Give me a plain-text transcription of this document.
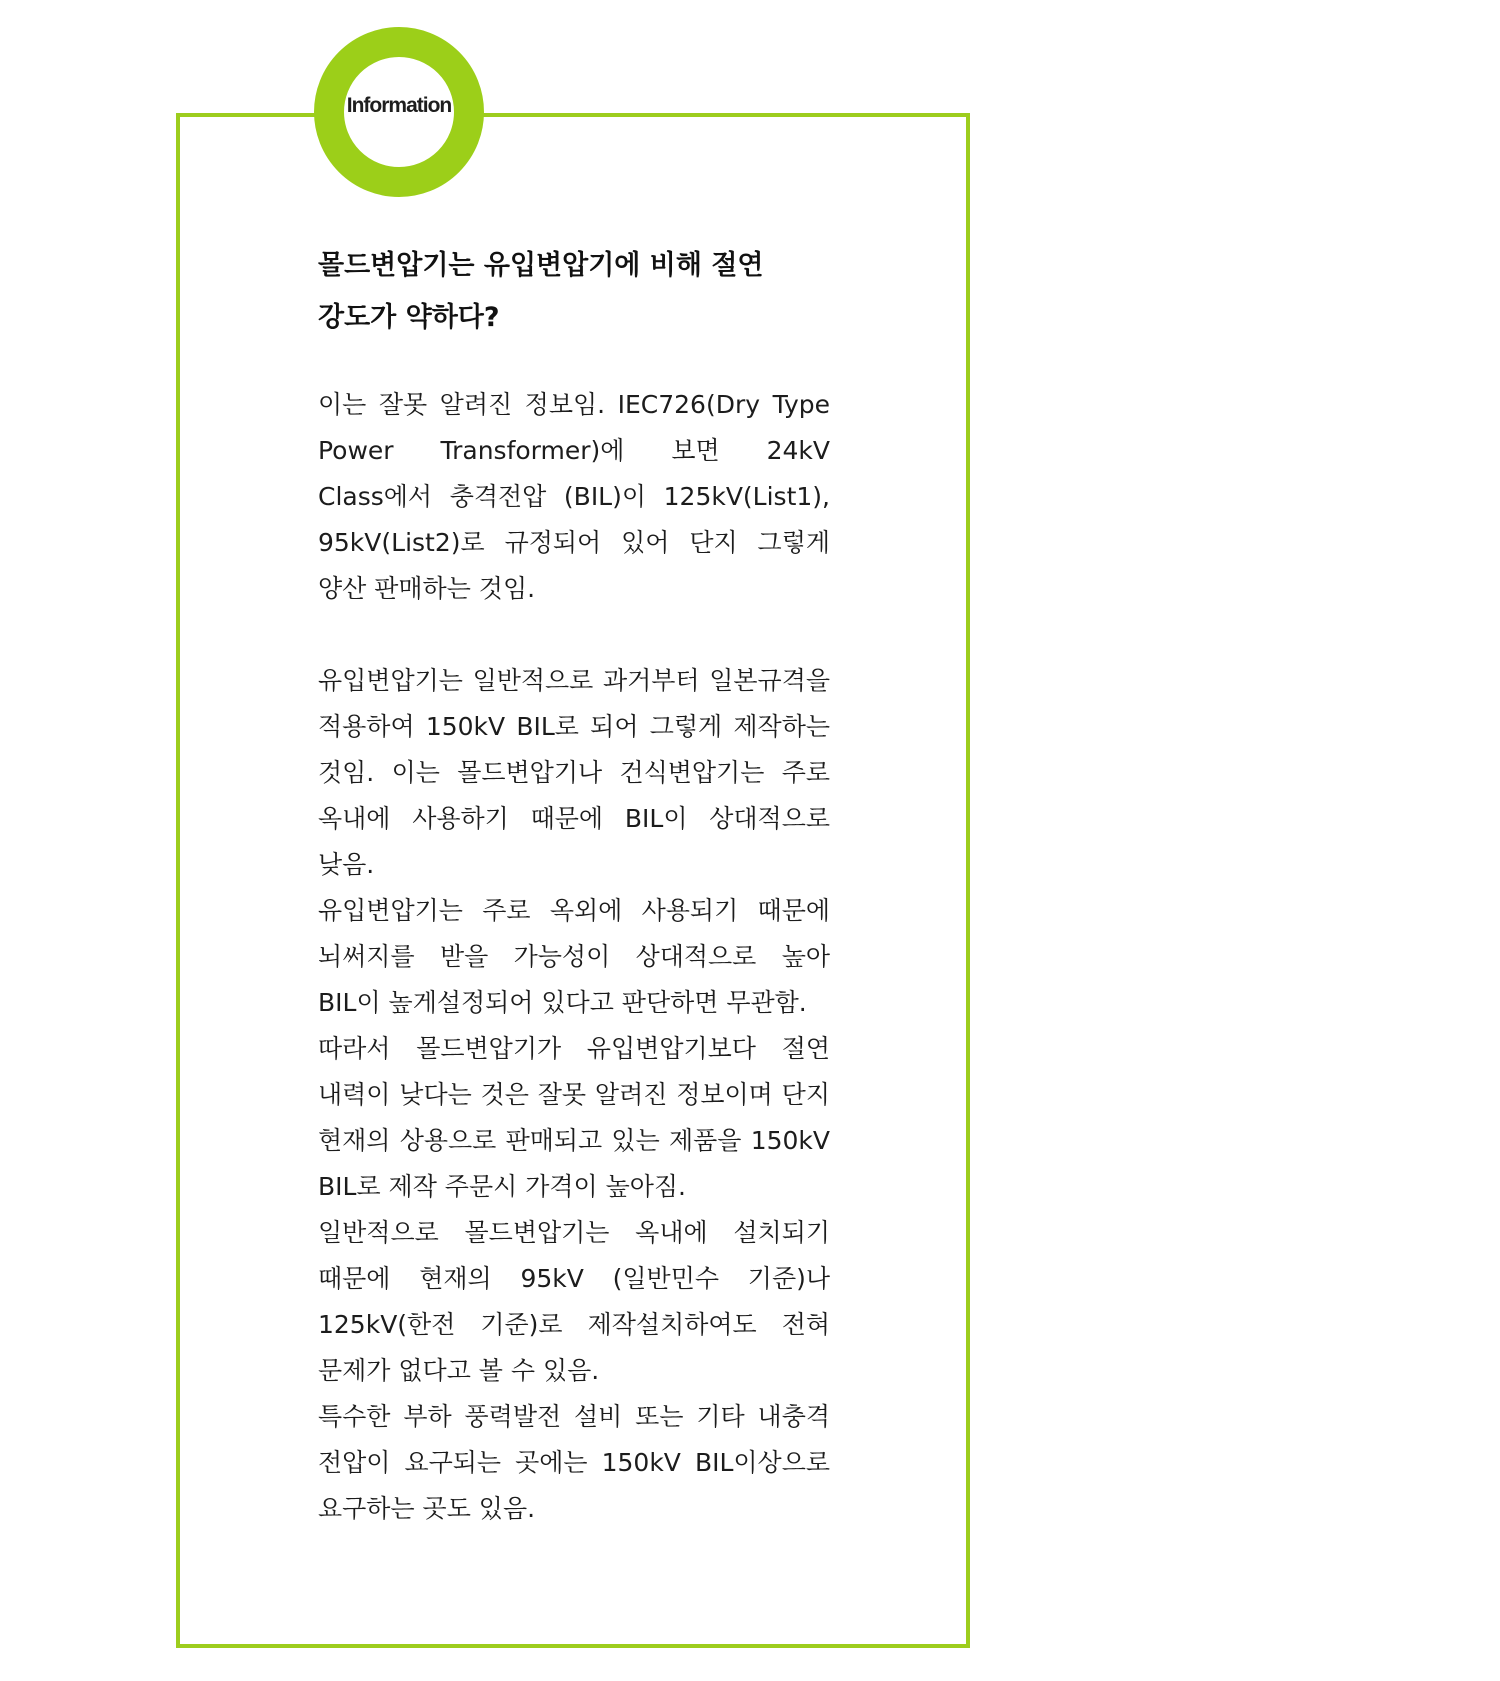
Information
몰드변압기는 유입변압기에 비해 절연
강도가 약하다?

이는 잘못 알려진 정보임. IEC726(Dry Type Power Transformer)에 보면 24kV Class에서 충격전압 (BIL)이 125kV(List1), 95kV(List2)로 규정되어 있어 단지 그렇게 양산 판매하는 것임.

유입변압기는 일반적으로 과거부터 일본규격을 적용하여 150kV BIL로 되어 그렇게 제작하는 것임. 이는 몰드변압기나 건식변압기는 주로 옥내에 사용하기 때문에 BIL이 상대적으로 낮음.

유입변압기는 주로 옥외에 사용되기 때문에 뇌써지를 받을 가능성이 상대적으로 높아 BIL이 높게설정되어 있다고 판단하면 무관함.

따라서 몰드변압기가 유입변압기보다 절연 내력이 낮다는 것은 잘못 알려진 정보이며 단지 현재의 상용으로 판매되고 있는 제품을 150kV BIL로 제작 주문시 가격이 높아짐.

일반적으로 몰드변압기는 옥내에 설치되기 때문에 현재의 95kV (일반민수 기준)나 125kV(한전 기준)로 제작설치하여도 전혀 문제가 없다고 볼 수 있음.

특수한 부하 풍력발전 설비 또는 기타 내충격 전압이 요구되는 곳에는 150kV BIL이상으로 요구하는 곳도 있음.
